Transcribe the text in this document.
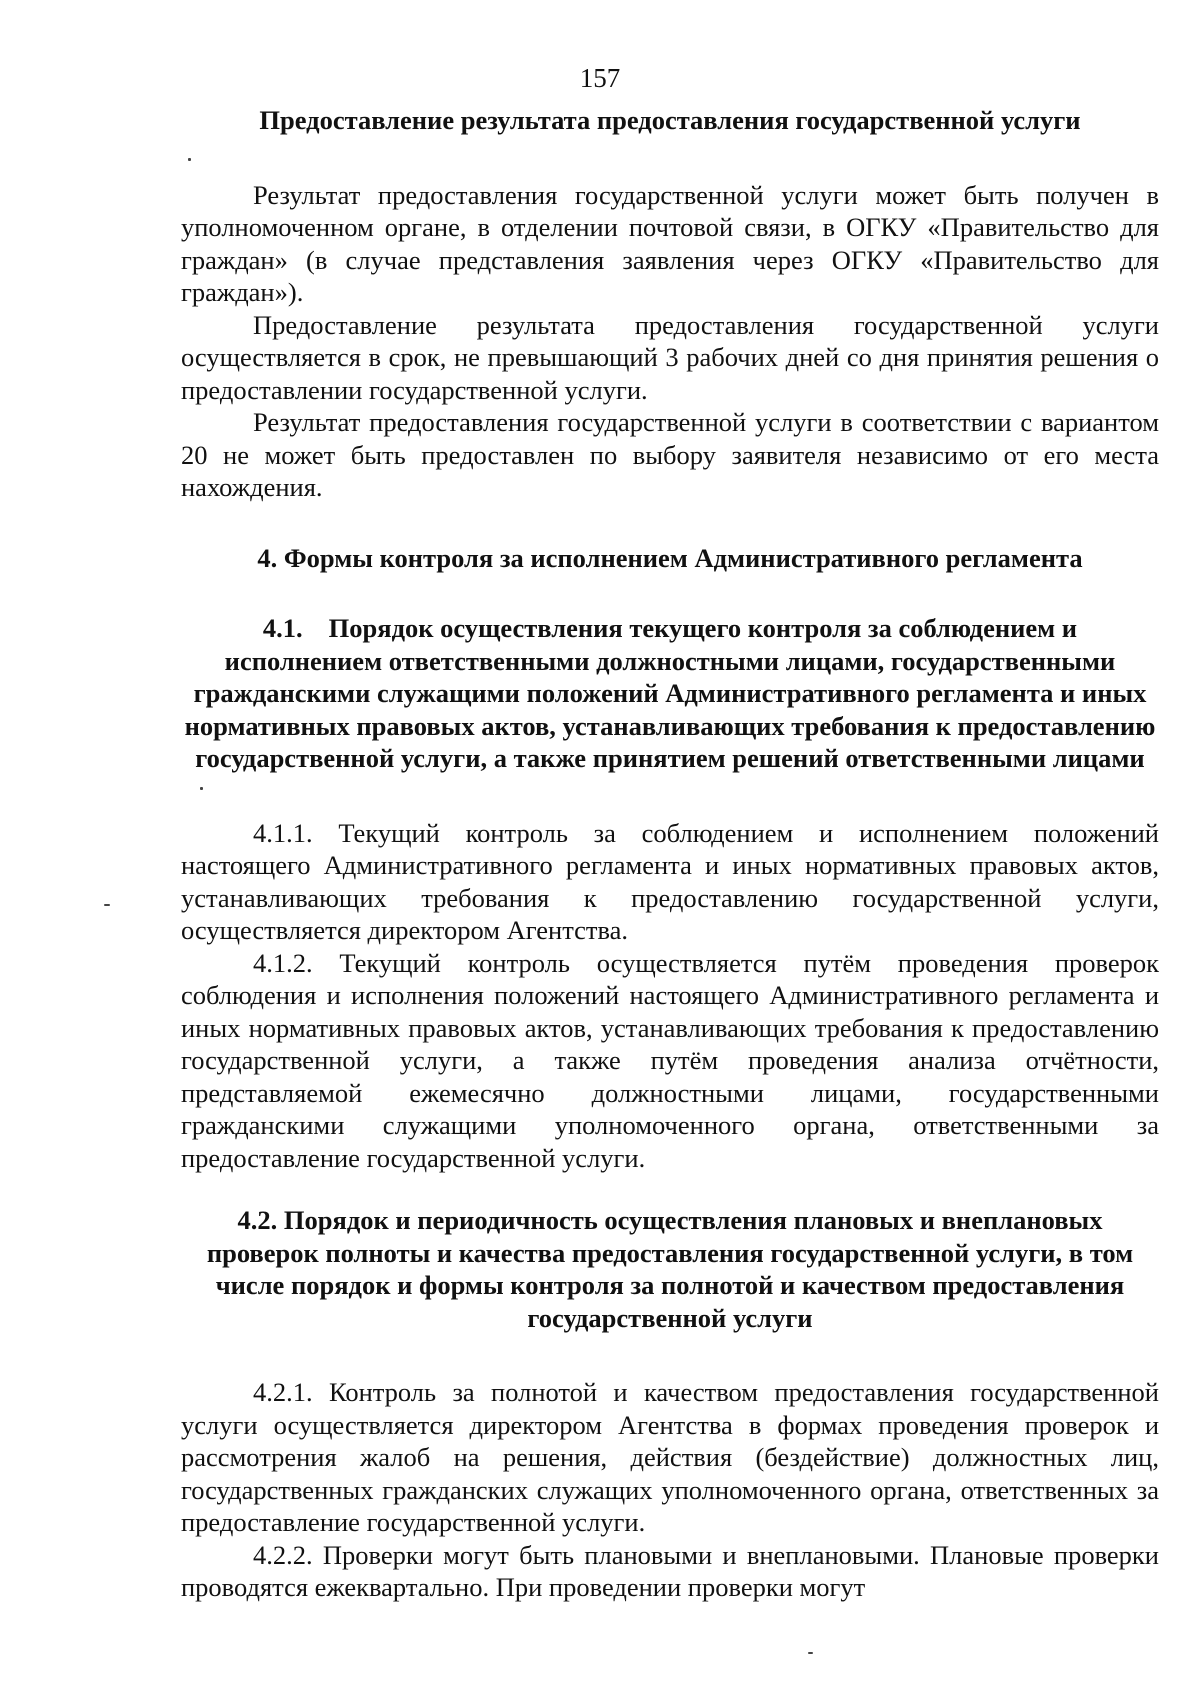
157
Предоставление результата предоставления государственной услуги

Результат предоставления государственной услуги может быть получен в уполномоченном органе, в отделении почтовой связи, в ОГКУ «Правительство для граждан» (в случае представления заявления через ОГКУ «Правительство для граждан»).

Предоставление результата предоставления государственной услуги осуществляется в срок, не превышающий 3 рабочих дней со дня принятия решения о предоставлении государственной услуги.

Результат предоставления государственной услуги в соответствии с вариантом 20 не может быть предоставлен по выбору заявителя независимо от его места нахождения.

4. Формы контроля за исполнением Административного регламента
4.1. Порядок осуществления текущего контроля за соблюдением и исполнением ответственными должностными лицами, государственными гражданскими служащими положений Административного регламента и иных нормативных правовых актов, устанавливающих требования к предоставлению государственной услуги, а также принятием решений ответственными лицами

4.1.1. Текущий контроль за соблюдением и исполнением положений настоящего Административного регламента и иных нормативных правовых актов, устанавливающих требования к предоставлению государственной услуги, осуществляется директором Агентства.

4.1.2. Текущий контроль осуществляется путём проведения проверок соблюдения и исполнения положений настоящего Административного регламента и иных нормативных правовых актов, устанавливающих требования к предоставлению государственной услуги, а также путём проведения анализа отчётности, представляемой ежемесячно должностными лицами, государственными гражданскими служащими уполномоченного органа, ответственными за предоставление государственной услуги.

4.2. Порядок и периодичность осуществления плановых и внеплановых проверок полноты и качества предоставления государственной услуги, в том числе порядок и формы контроля за полнотой и качеством предоставления государственной услуги

4.2.1. Контроль за полнотой и качеством предоставления государственной услуги осуществляется директором Агентства в формах проведения проверок и рассмотрения жалоб на решения, действия (бездействие) должностных лиц, государственных гражданских служащих уполномоченного органа, ответственных за предоставление государственной услуги.

4.2.2. Проверки могут быть плановыми и внеплановыми. Плановые проверки проводятся ежеквартально. При проведении проверки могут
